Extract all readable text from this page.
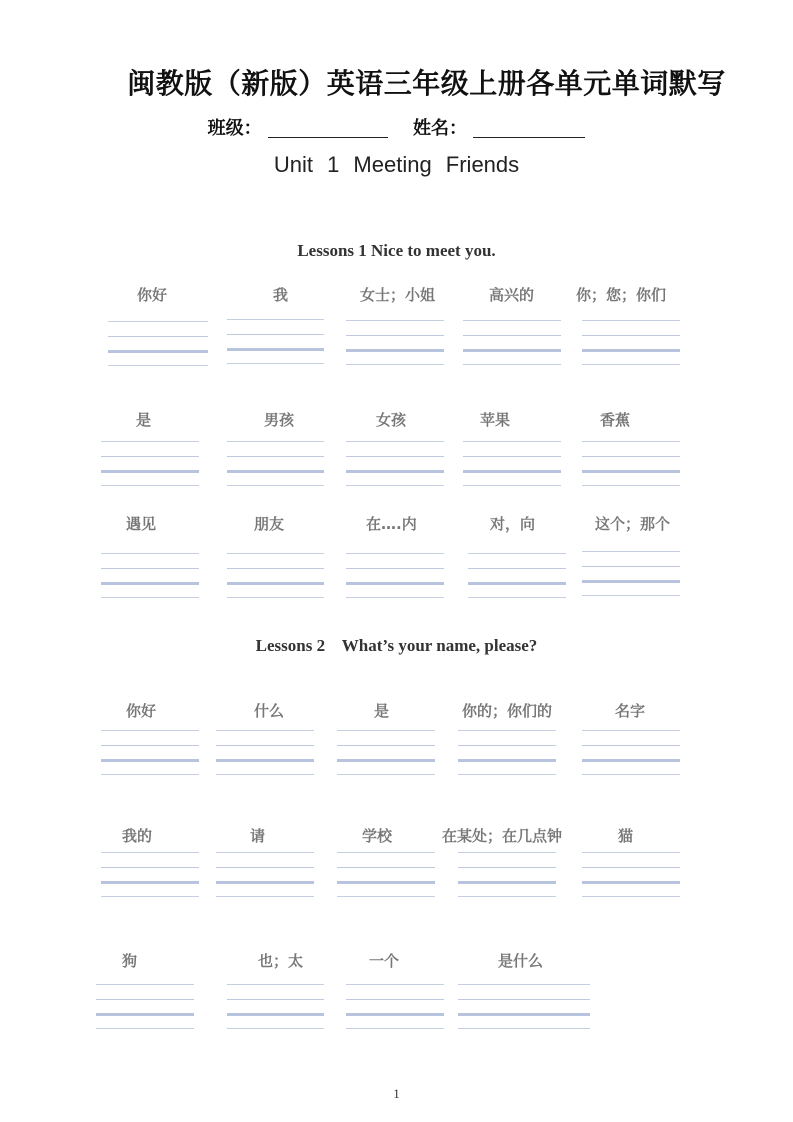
闽教版（新版）英语三年级上册各单元单词默写
班级：	姓名：
Unit 1 Meeting Friends
Lessons 1 Nice to meet you.
Lessons 2    What’s your name, please?
你好	我	女士；小姐	高兴的	你；您；你们
是	男孩	女孩	苹果	香蕉
遇见	朋友	在….内	对，向	这个；那个
你好	什么	是	你的；你们的	名字
我的	请	学校	在某处；在几点钟	猫
狗	也；太	一个	是什么
1
